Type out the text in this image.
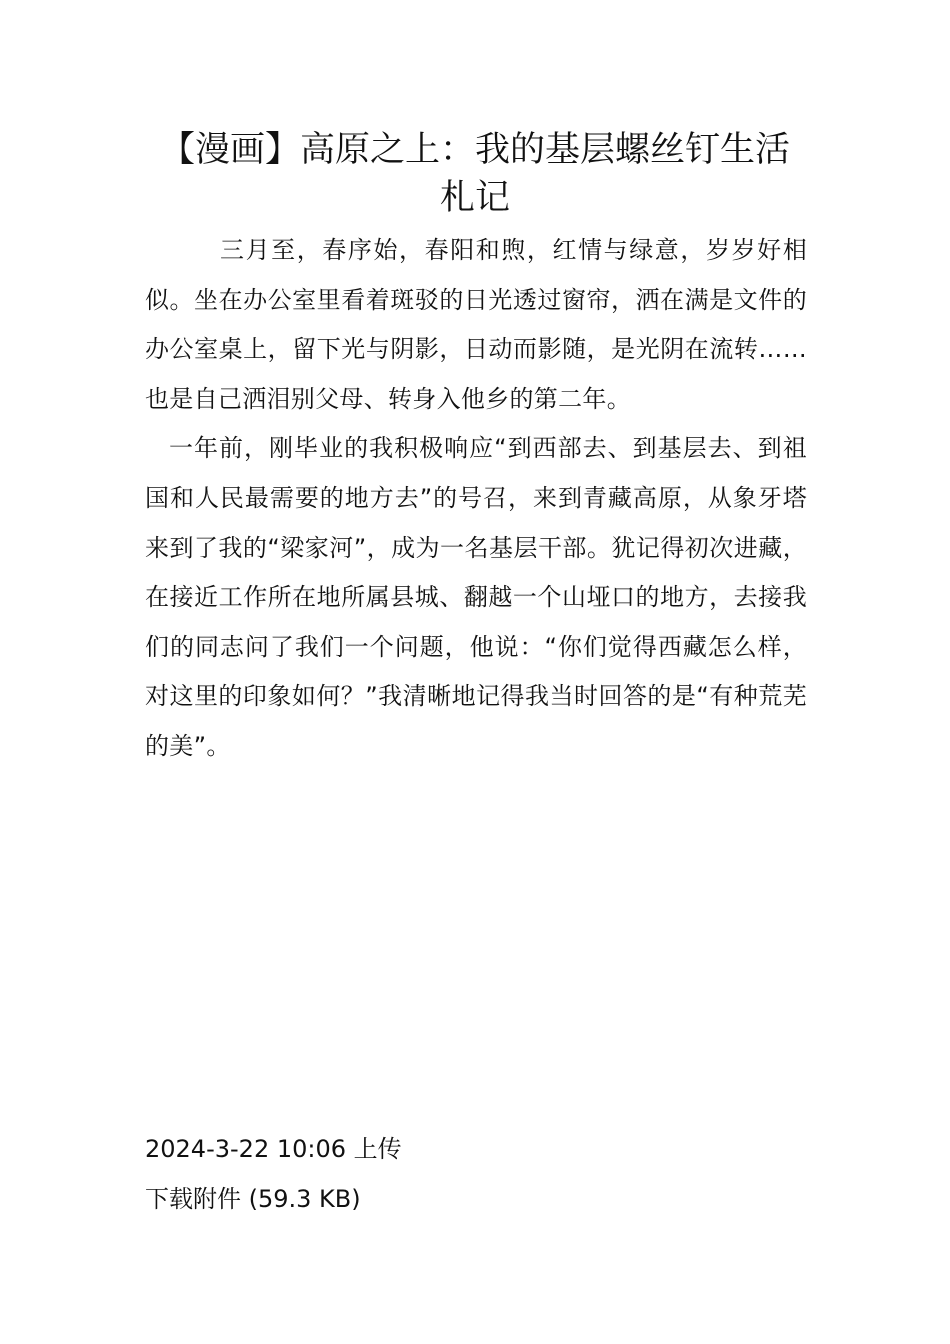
【漫画】高原之上：我的基层螺丝钉生活札记

三月至，春序始，春阳和煦，红情与绿意，岁岁好相似。坐在办公室里看着斑驳的日光透过窗帘，洒在满是文件的办公室桌上，留下光与阴影，日动而影随，是光阴在流转……也是自己洒泪别父母、转身入他乡的第二年。

一年前，刚毕业的我积极响应“到西部去、到基层去、到祖国和人民最需要的地方去”的号召，来到青藏高原，从象牙塔来到了我的“梁家河”，成为一名基层干部。犹记得初次进藏，在接近工作所在地所属县城、翻越一个山垭口的地方，去接我们的同志问了我们一个问题，他说：“你们觉得西藏怎么样，对这里的印象如何？”我清晰地记得我当时回答的是“有种荒芜的美”。

2024-3-22 10:06 上传
下载附件 (59.3 KB)
